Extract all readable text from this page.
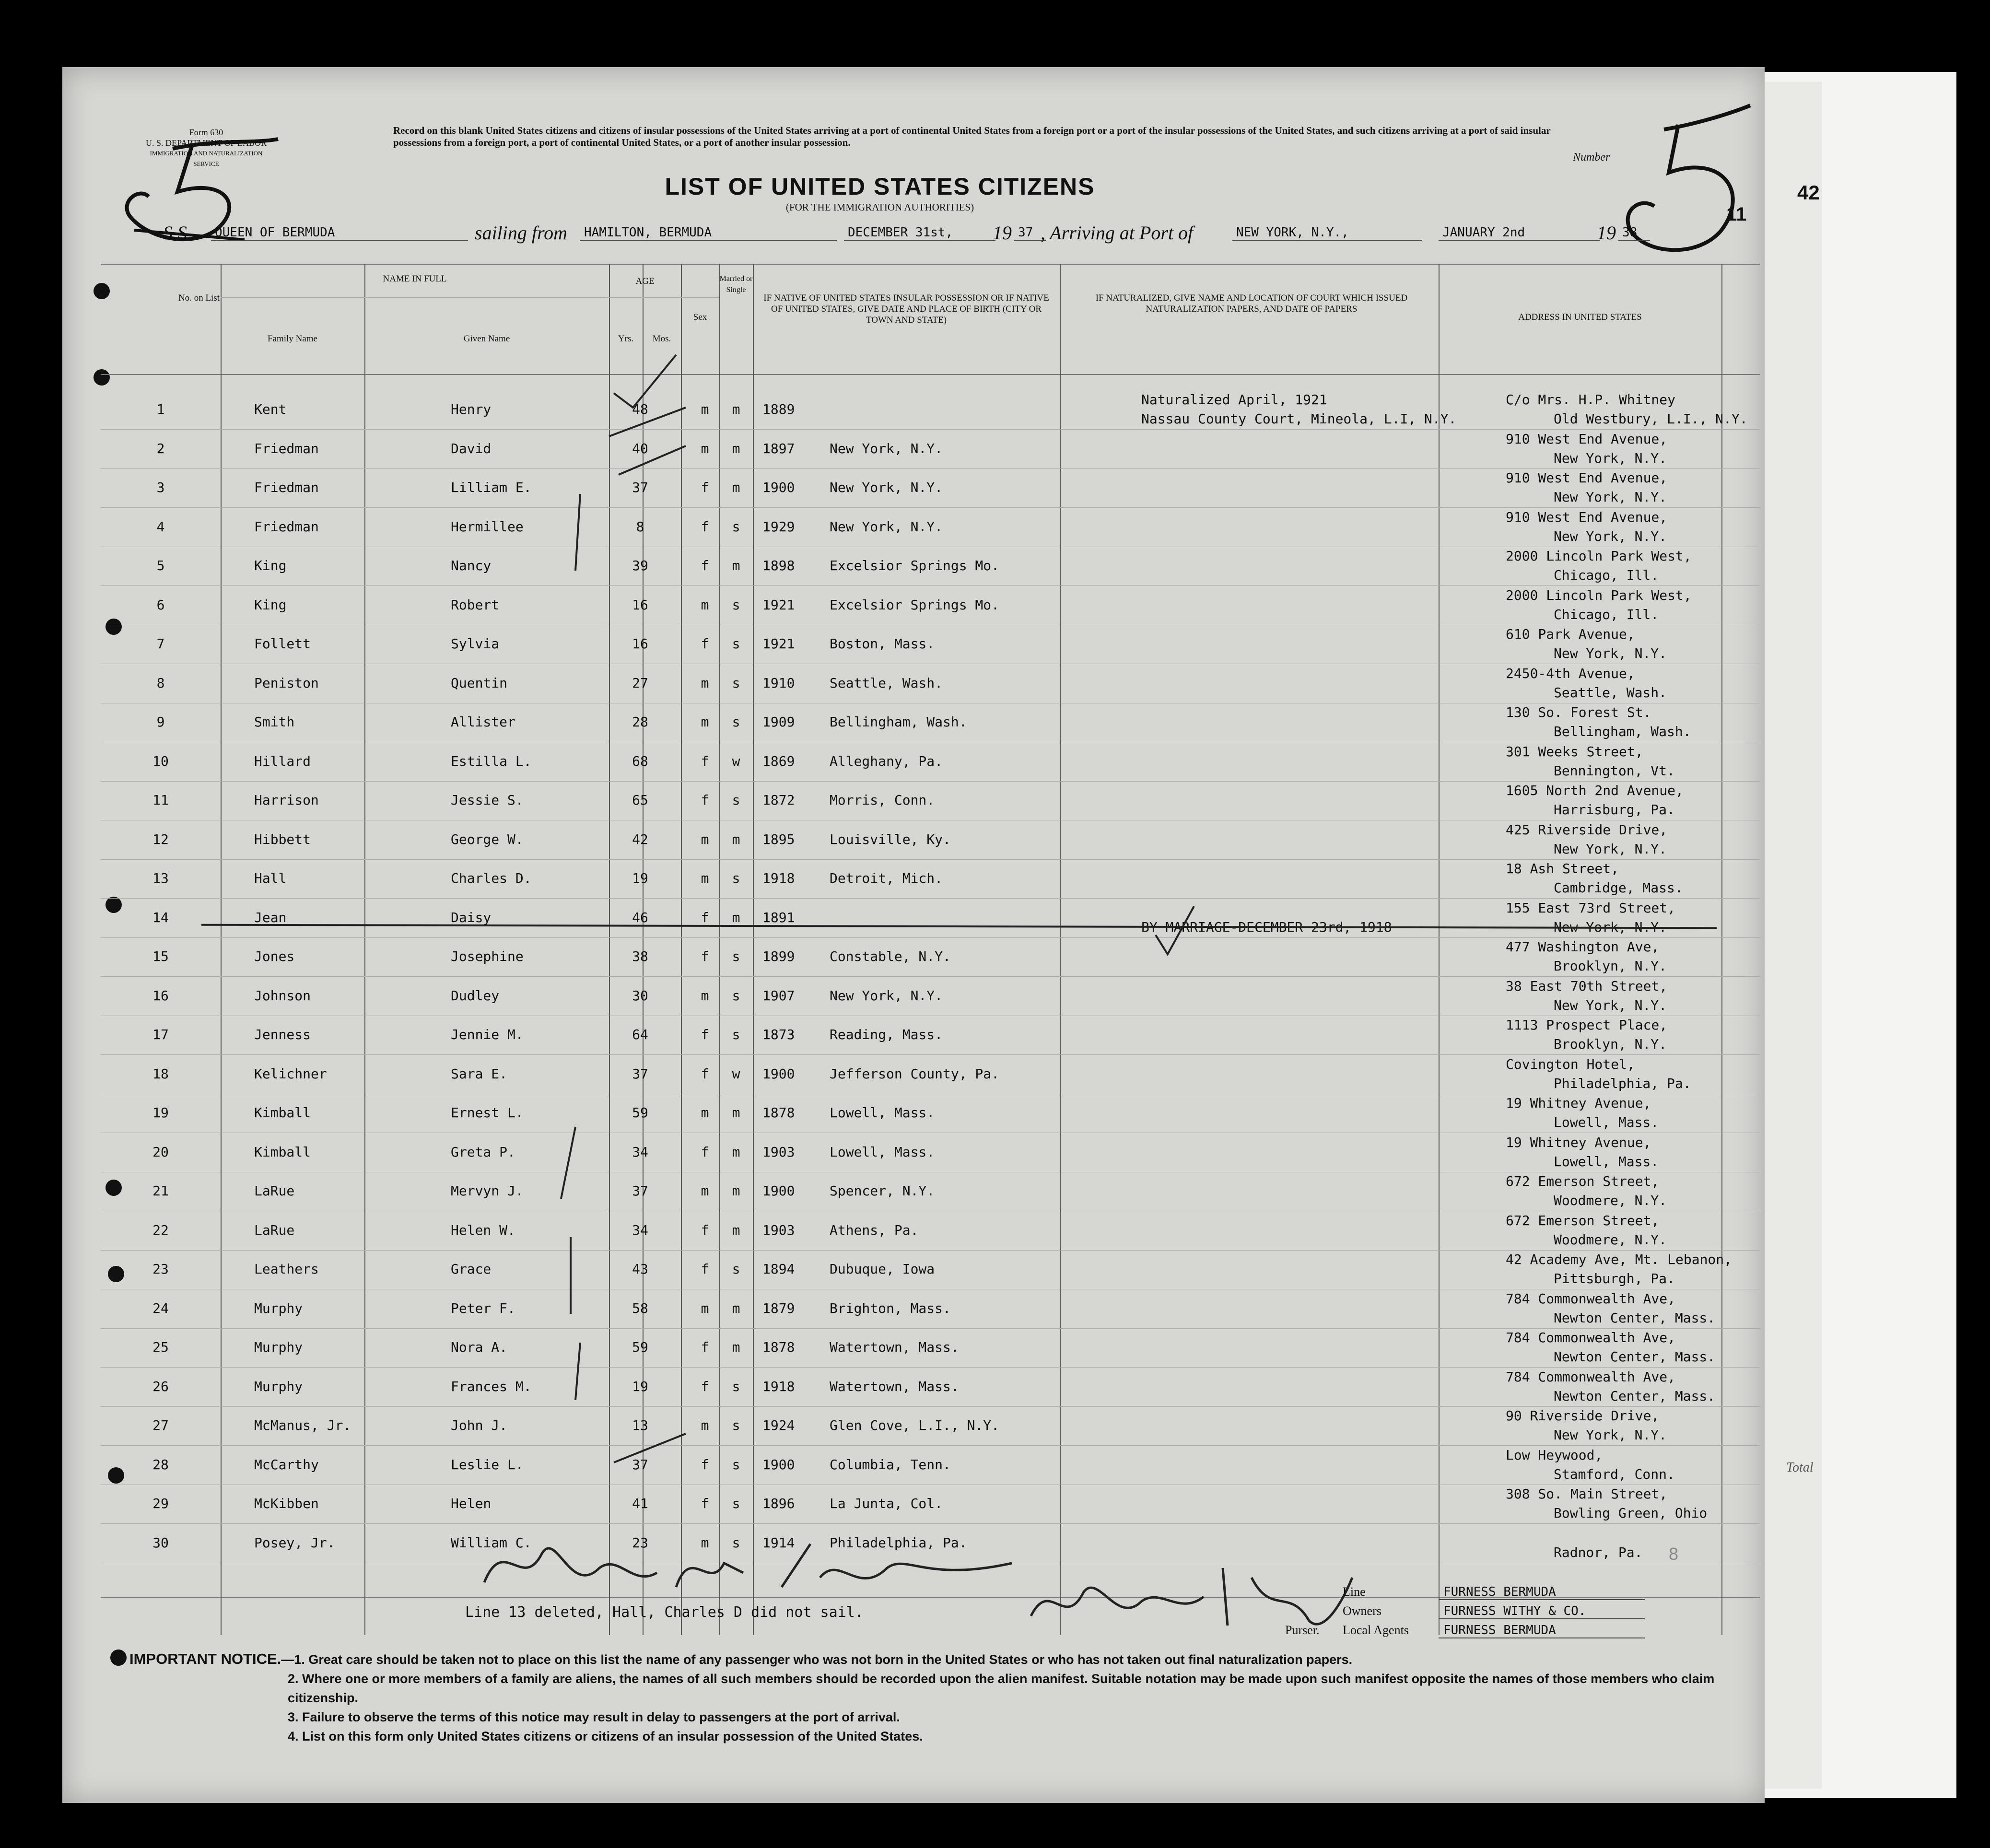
42
Total
Form 630
U. S. DEPARTMENT OF LABOR
IMMIGRATION AND NATURALIZATION SERVICE
Record on this blank United States citizens and citizens of insular possessions of the United States arriving at a port of continental United States from a foreign port or a port of the insular possessions of the United States, and such citizens arriving at a port of said insular possessions from a foreign port, a port of continental United States, or a port of another insular possession.
LIST OF UNITED STATES CITIZENS
(FOR THE IMMIGRATION AUTHORITIES)
Number
11
S.S.	QUEEN OF BERMUDA	sailing from	HAMILTON, BERMUDA	DECEMBER 31st,	19 37 , Arriving at Port of	NEW YORK, N.Y.,	JANUARY 2nd	19 38
No. on List
NAME IN FULL
Family Name	Given Name
AGE
Yrs.	Mos.
Sex
Married or Single
IF NATIVE OF UNITED STATES INSULAR POSSESSION OR IF NATIVE OF UNITED STATES, GIVE DATE AND PLACE OF BIRTH (CITY OR TOWN AND STATE)
IF NATURALIZED, GIVE NAME AND LOCATION OF COURT WHICH ISSUED NATURALIZATION PAPERS, AND DATE OF PAPERS
ADDRESS IN UNITED STATES
1	Kent	Henry	48	m	m	1889
Naturalized April, 1921
Nassau County Court, Mineola, L.I, N.Y.
C/o Mrs. H.P. Whitney
Old Westbury, L.I., N.Y.
2	Friedman	David	40	m	m	1897	New York, N.Y.
910 West End Avenue,
New York, N.Y.
3	Friedman	Lilliam E.	37	f	m	1900	New York, N.Y.
910 West End Avenue,
New York, N.Y.
4	Friedman	Hermillee	8	f	s	1929	New York, N.Y.
910 West End Avenue,
New York, N.Y.
5	King	Nancy	39	f	m	1898	Excelsior Springs Mo.
2000 Lincoln Park West,
Chicago, Ill.
6	King	Robert	16	m	s	1921	Excelsior Springs Mo.
2000 Lincoln Park West,
Chicago, Ill.
7	Follett	Sylvia	16	f	s	1921	Boston, Mass.
610 Park Avenue,
New York, N.Y.
8	Peniston	Quentin	27	m	s	1910	Seattle, Wash.
2450-4th Avenue,
Seattle, Wash.
9	Smith	Allister	28	m	s	1909	Bellingham, Wash.
130 So. Forest St.
Bellingham, Wash.
10	Hillard	Estilla L.	68	f	w	1869	Alleghany, Pa.
301 Weeks Street,
Bennington, Vt.
11	Harrison	Jessie S.	65	f	s	1872	Morris, Conn.
1605 North 2nd Avenue,
Harrisburg, Pa.
12	Hibbett	George W.	42	m	m	1895	Louisville, Ky.
425 Riverside Drive,
New York, N.Y.
13	Hall	Charles D.	19	m	s	1918	Detroit, Mich.
18 Ash Street,
Cambridge, Mass.
14	Jean	Daisy	46	f	m	1891
BY MARRIAGE-DECEMBER 23rd, 1918
155 East 73rd Street,
New York, N.Y.
15	Jones	Josephine	38	f	s	1899	Constable, N.Y.
477 Washington Ave,
Brooklyn, N.Y.
16	Johnson	Dudley	30	m	s	1907	New York, N.Y.
38 East 70th Street,
New York, N.Y.
17	Jenness	Jennie M.	64	f	s	1873	Reading, Mass.
1113 Prospect Place,
Brooklyn, N.Y.
18	Kelichner	Sara E.	37	f	w	1900	Jefferson County, Pa.
Covington Hotel,
Philadelphia, Pa.
19	Kimball	Ernest L.	59	m	m	1878	Lowell, Mass.
19 Whitney Avenue,
Lowell, Mass.
20	Kimball	Greta P.	34	f	m	1903	Lowell, Mass.
19 Whitney Avenue,
Lowell, Mass.
21	LaRue	Mervyn J.	37	m	m	1900	Spencer, N.Y.
672 Emerson Street,
Woodmere, N.Y.
22	LaRue	Helen W.	34	f	m	1903	Athens, Pa.
672 Emerson Street,
Woodmere, N.Y.
23	Leathers	Grace	43	f	s	1894	Dubuque, Iowa
42 Academy Ave, Mt. Lebanon,
Pittsburgh, Pa.
24	Murphy	Peter F.	58	m	m	1879	Brighton, Mass.
784 Commonwealth Ave,
Newton Center, Mass.
25	Murphy	Nora A.	59	f	m	1878	Watertown, Mass.
784 Commonwealth Ave,
Newton Center, Mass.
26	Murphy	Frances M.	19	f	s	1918	Watertown, Mass.
784 Commonwealth Ave,
Newton Center, Mass.
27	McManus, Jr.	John J.	13	m	s	1924	Glen Cove, L.I., N.Y.
90 Riverside Drive,
New York, N.Y.
28	McCarthy	Leslie L.	37	f	s	1900	Columbia, Tenn.
Low Heywood,
Stamford, Conn.
29	McKibben	Helen	41	f	s	1896	La Junta, Col.
308 So. Main Street,
Bowling Green, Ohio
30	Posey, Jr.	William C.	23	m	s	1914	Philadelphia, Pa.
Radnor, Pa.
Line 13 deleted, Hall, Charles D did not sail.
Purser.
8
Line	FURNESS BERMUDA
Owners	FURNESS WITHY & CO.
Local Agents	FURNESS BERMUDA
IMPORTANT NOTICE.—1. Great care should be taken not to place on this list the name of any passenger who was not born in the United States or who has not taken out final naturalization papers.
2. Where one or more members of a family are aliens, the names of all such members should be recorded upon the alien manifest. Suitable notation may be made upon such manifest opposite the names of those members who claim citizenship.
3. Failure to observe the terms of this notice may result in delay to passengers at the port of arrival.
4. List on this form only United States citizens or citizens of an insular possession of the United States.
